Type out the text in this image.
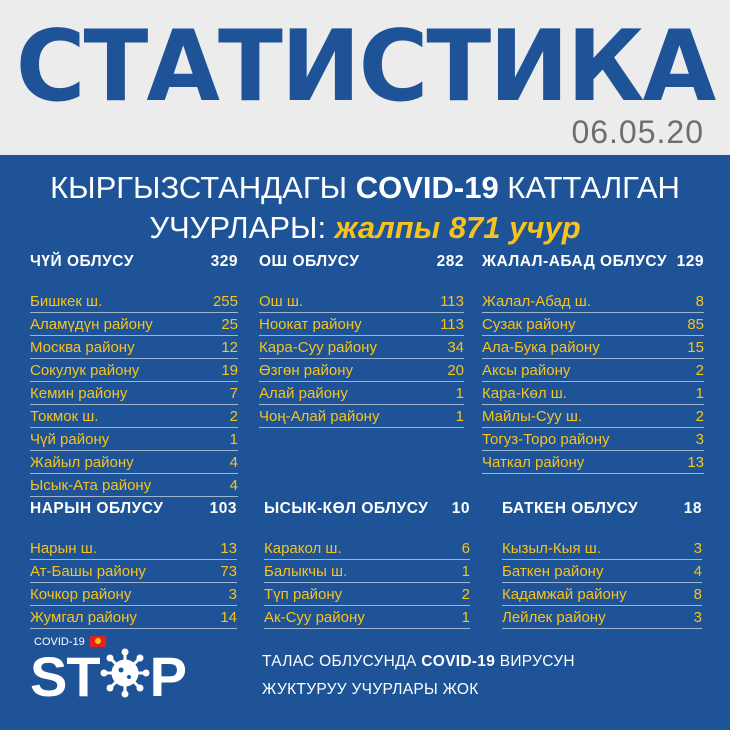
СТАТИСТИКА
06.05.20
КЫРГЫЗСТАНДАГЫ COVID-19 КАТТАЛГАН
УЧУРЛАРЫ: жалпы 871 учур
ЧҮЙ ОБЛУСУ	329
Бишкек ш.	255
Аламүдүн району	25
Москва району	12
Сокулук району	19
Кемин району	7
Токмок ш.	2
Чүй району	1
Жайыл району	4
Ысык-Ата району	4
ОШ ОБЛУСУ	282
Ош ш.	113
Ноокат району	113
Кара-Суу району	34
Өзгөн району	20
Алай району	1
Чоң-Алай району	1
ЖАЛАЛ-АБАД ОБЛУСУ 129
Жалал-Абад ш.	8
Сузак району	85
Ала-Бука району	15
Аксы району	2
Кара-Көл ш.	1
Майлы-Суу ш.	2
Тогуз-Торо району	3
Чаткал району	13
НАРЫН ОБЛУСУ	103
Нарын ш.	13
Ат-Башы району	73
Кочкор району	3
Жумгал району	14
ЫСЫК-КӨЛ ОБЛУСУ 10
Каракол ш.	6
Балыкчы ш.	1
Түп району	2
Ак-Суу району	1
БАТКЕН ОБЛУСУ	18
Кызыл-Кыя ш.	3
Баткен району	4
Кадамжай району	8
Лейлек району	3
COVID-19
ST P	ТАЛАС ОБЛУСУНДА COVID-19 ВИРУСУН
ЖУКТУРУУ УЧУРЛАРЫ ЖОК
